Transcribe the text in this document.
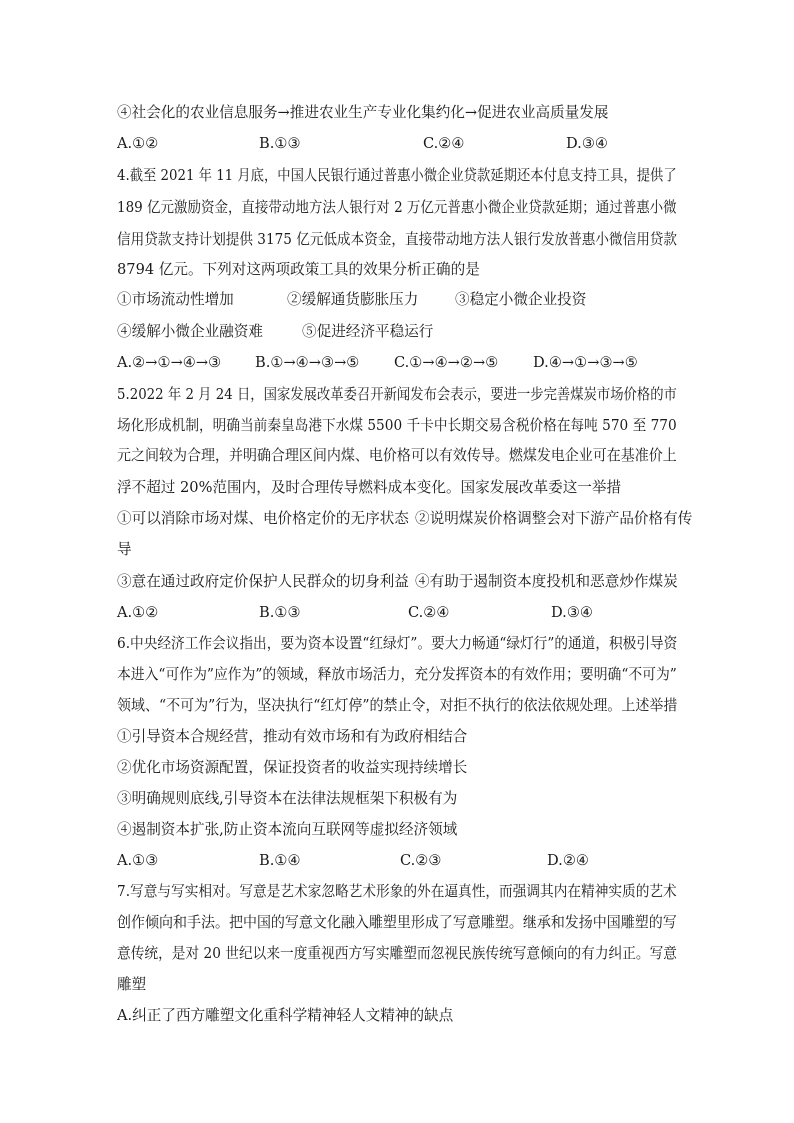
④社会化的农业信息服务→推进农业生产专业化集约化→促进农业高质量发展
A.①②	B.①③	C.②④	D.③④
4.截至 2021 年 11 月底，中国人民银行通过普惠小微企业贷款延期还本付息支持工具，提供了
189 亿元激励资金，直接带动地方法人银行对 2 万亿元普惠小微企业贷款延期；通过普惠小微
信用贷款支持计划提供 3175 亿元低成本资金，直接带动地方法人银行发放普惠小微信用贷款
8794 亿元。下列对这两项政策工具的效果分析正确的是
①市场流动性增加	②缓解通货膨胀压力	③稳定小微企业投资
④缓解小微企业融资难	⑤促进经济平稳运行
A.②→①→④→③ B.①→④→③→⑤ C.①→④→②→⑤ D.④→①→③→⑤
5.2022 年 2 月 24 日，国家发展改革委召开新闻发布会表示，要进一步完善煤炭市场价格的市
场化形成机制，明确当前秦皇岛港下水煤 5500 千卡中长期交易含税价格在每吨 570 至 770
元之间较为合理，并明确合理区间内煤、电价格可以有效传导。燃煤发电企业可在基准价上
浮不超过 20%范围内，及时合理传导燃料成本变化。国家发展改革委这一举措
①可以消除市场对煤、电价格定价的无序状态 ②说明煤炭价格调整会对下游产品价格有传
导
③意在通过政府定价保护人民群众的切身利益 ④有助于遏制资本度投机和恶意炒作煤炭
A.①②	B.①③	C.②④	D.③④
6.中央经济工作会议指出，要为资本设置“红绿灯”。要大力畅通“绿灯行”的通道，积极引导资
本进入“可作为”应作为”的领域，释放市场活力，充分发挥资本的有效作用；要明确“不可为”
领域、“不可为”行为，坚决执行“红灯停”的禁止令，对拒不执行的依法依规处理。上述举措
①引导资本合规经营，推动有效市场和有为政府相结合
②优化市场资源配置，保证投资者的收益实现持续增长
③明确规则底线,引导资本在法律法规框架下积极有为
④遏制资本扩张,防止资本流向互联网等虚拟经济领域
A.①③	B.①④	C.②③	D.②④
7.写意与写实相对。写意是艺术家忽略艺术形象的外在逼真性，而强调其内在精神实质的艺术
创作倾向和手法。把中国的写意文化融入雕塑里形成了写意雕塑。继承和发扬中国雕塑的写
意传统，是对 20 世纪以来一度重视西方写实雕塑而忽视民族传统写意倾向的有力纠正。写意
雕塑
A.纠正了西方雕塑文化重科学精神轻人文精神的缺点
